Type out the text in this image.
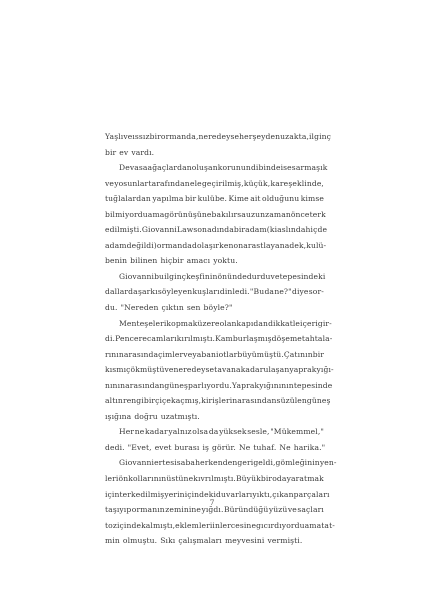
Yaşlı ve ıssız bir ormanda, neredeyse her şeyden uzakta, ilginç
bir ev vardı.
Devasa ağaçlardan oluşan korunun dibinde ise sarmaşık
ve yosunlar tarafından ele geçirilmiş, küçük, kare şeklinde,
tuğlalardan yapılma bir kulübe. Kime ait olduğunu kimse
bilmiyordu ama görünüşüne bakılırsa uzun zaman önce terk
edilmişti. Giovanni Lawson adında bir adam (ki aslında hiç de
adam değildi) ormanda dolaşırken ona rastlayana dek, kulü-
benin bilinen hiçbir amacı yoktu.
Giovanni bu ilginç keşfinin önünde durdu ve tepesindeki
dallarda şarkı söyleyen kuşları dinledi. "Bu da ne?" diye sor-
du. "Nereden çıktın sen böyle?"
Menteşeleri kopmak üzere olan kapıdan dikkatle içeri gir-
di. Pencere camları kırılmıştı. Kamburlaşmış döşeme tahtala-
rının arasında çimler ve yabani otlar büyümüştü. Çatının bir
kısmı çökmüştü ve neredeyse tavana kadar ulaşan yaprak yığı-
nının arasından güneş parlıyordu. Yaprak yığınının tepesinde
altın rengi bir çiçek açmış, kirişlerin arasından süzülen güneş
ışığına doğru uzatmıştı.
Her ne kadar yalnız olsa da yüksek sesle, "Mükemmel,"
dedi. "Evet, evet burası iş görür. Ne tuhaf. Ne harika."
Giovanni ertesi sabah erkenden geri geldi, gömleğinin yen-
leri ön kollarının üstüne kıvrılmıştı. Büyük bir oda yaratmak
için terk edilmiş yerin içindeki duvarları yıktı, çıkan parçaları
taşıyıp ormanın zeminine yığdı. Büründüğü yüzü ve saçları
toz içinde kalmıştı, eklemleri inlercesine gıcırdıyordu ama tat-
min olmuştu. Sıkı çalışmaları meyvesini vermişti.
7
